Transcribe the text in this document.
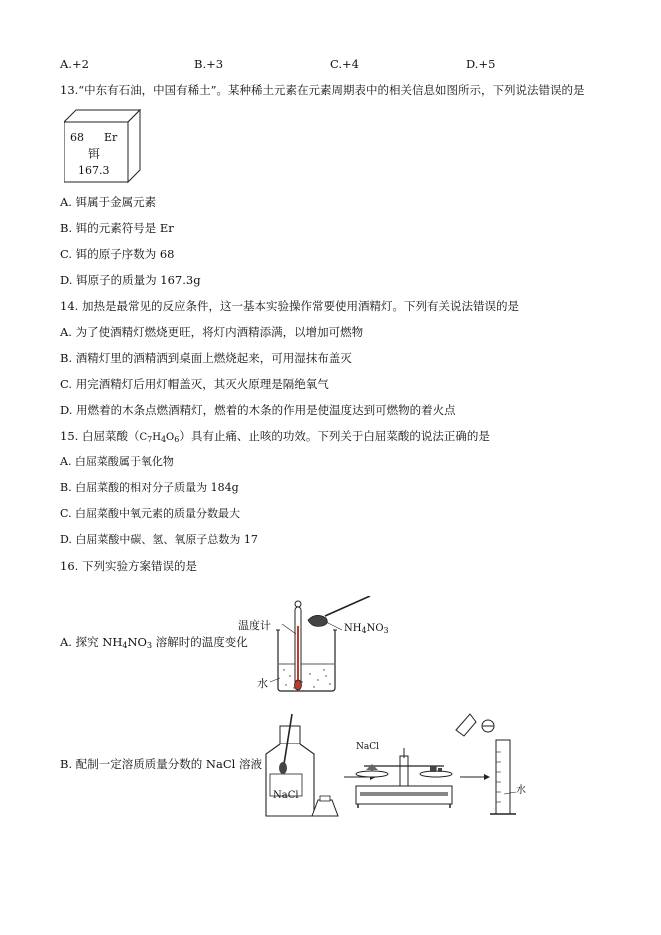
A.+2	B.+3	C.+4	D.+5
13.“中东有石油，中国有稀土”。某种稀土元素在元素周期表中的相关信息如图所示，下列说法错误的是
68 Er
铒
167.3
A. 铒属于金属元素
B. 铒的元素符号是 Er
C. 铒的原子序数为 68
D. 铒原子的质量为 167.3g
14. 加热是最常见的反应条件，这一基本实验操作常要使用酒精灯。下列有关说法错误的是
A. 为了使酒精灯燃烧更旺，将灯内酒精添满，以增加可燃物
B. 酒精灯里的酒精洒到桌面上燃烧起来，可用湿抹布盖灭
C. 用完酒精灯后用灯帽盖灭，其灭火原理是隔绝氧气
D. 用燃着的木条点燃酒精灯，燃着的木条的作用是使温度达到可燃物的着火点
15. 白屈菜酸$(C_7H_4O_6)$具有止痛、止咳的功效。下列关于白屈菜酸的说法正确的是
A. 白屈菜酸属于氧化物
B. 白屈菜酸的相对分子质量为 184g
C. 白屈菜酸中氧元素的质量分数最大
D. 白屈菜酸中碳、氢、氧原子总数为 17
16. 下列实验方案错误的是
A. 探究 $NH_4NO_3$ 溶解时的温度变化
温度计
水
$NH_4NO_3$
B. 配制一定溶质质量分数的 NaCl 溶液
NaCl
NaCl
水
